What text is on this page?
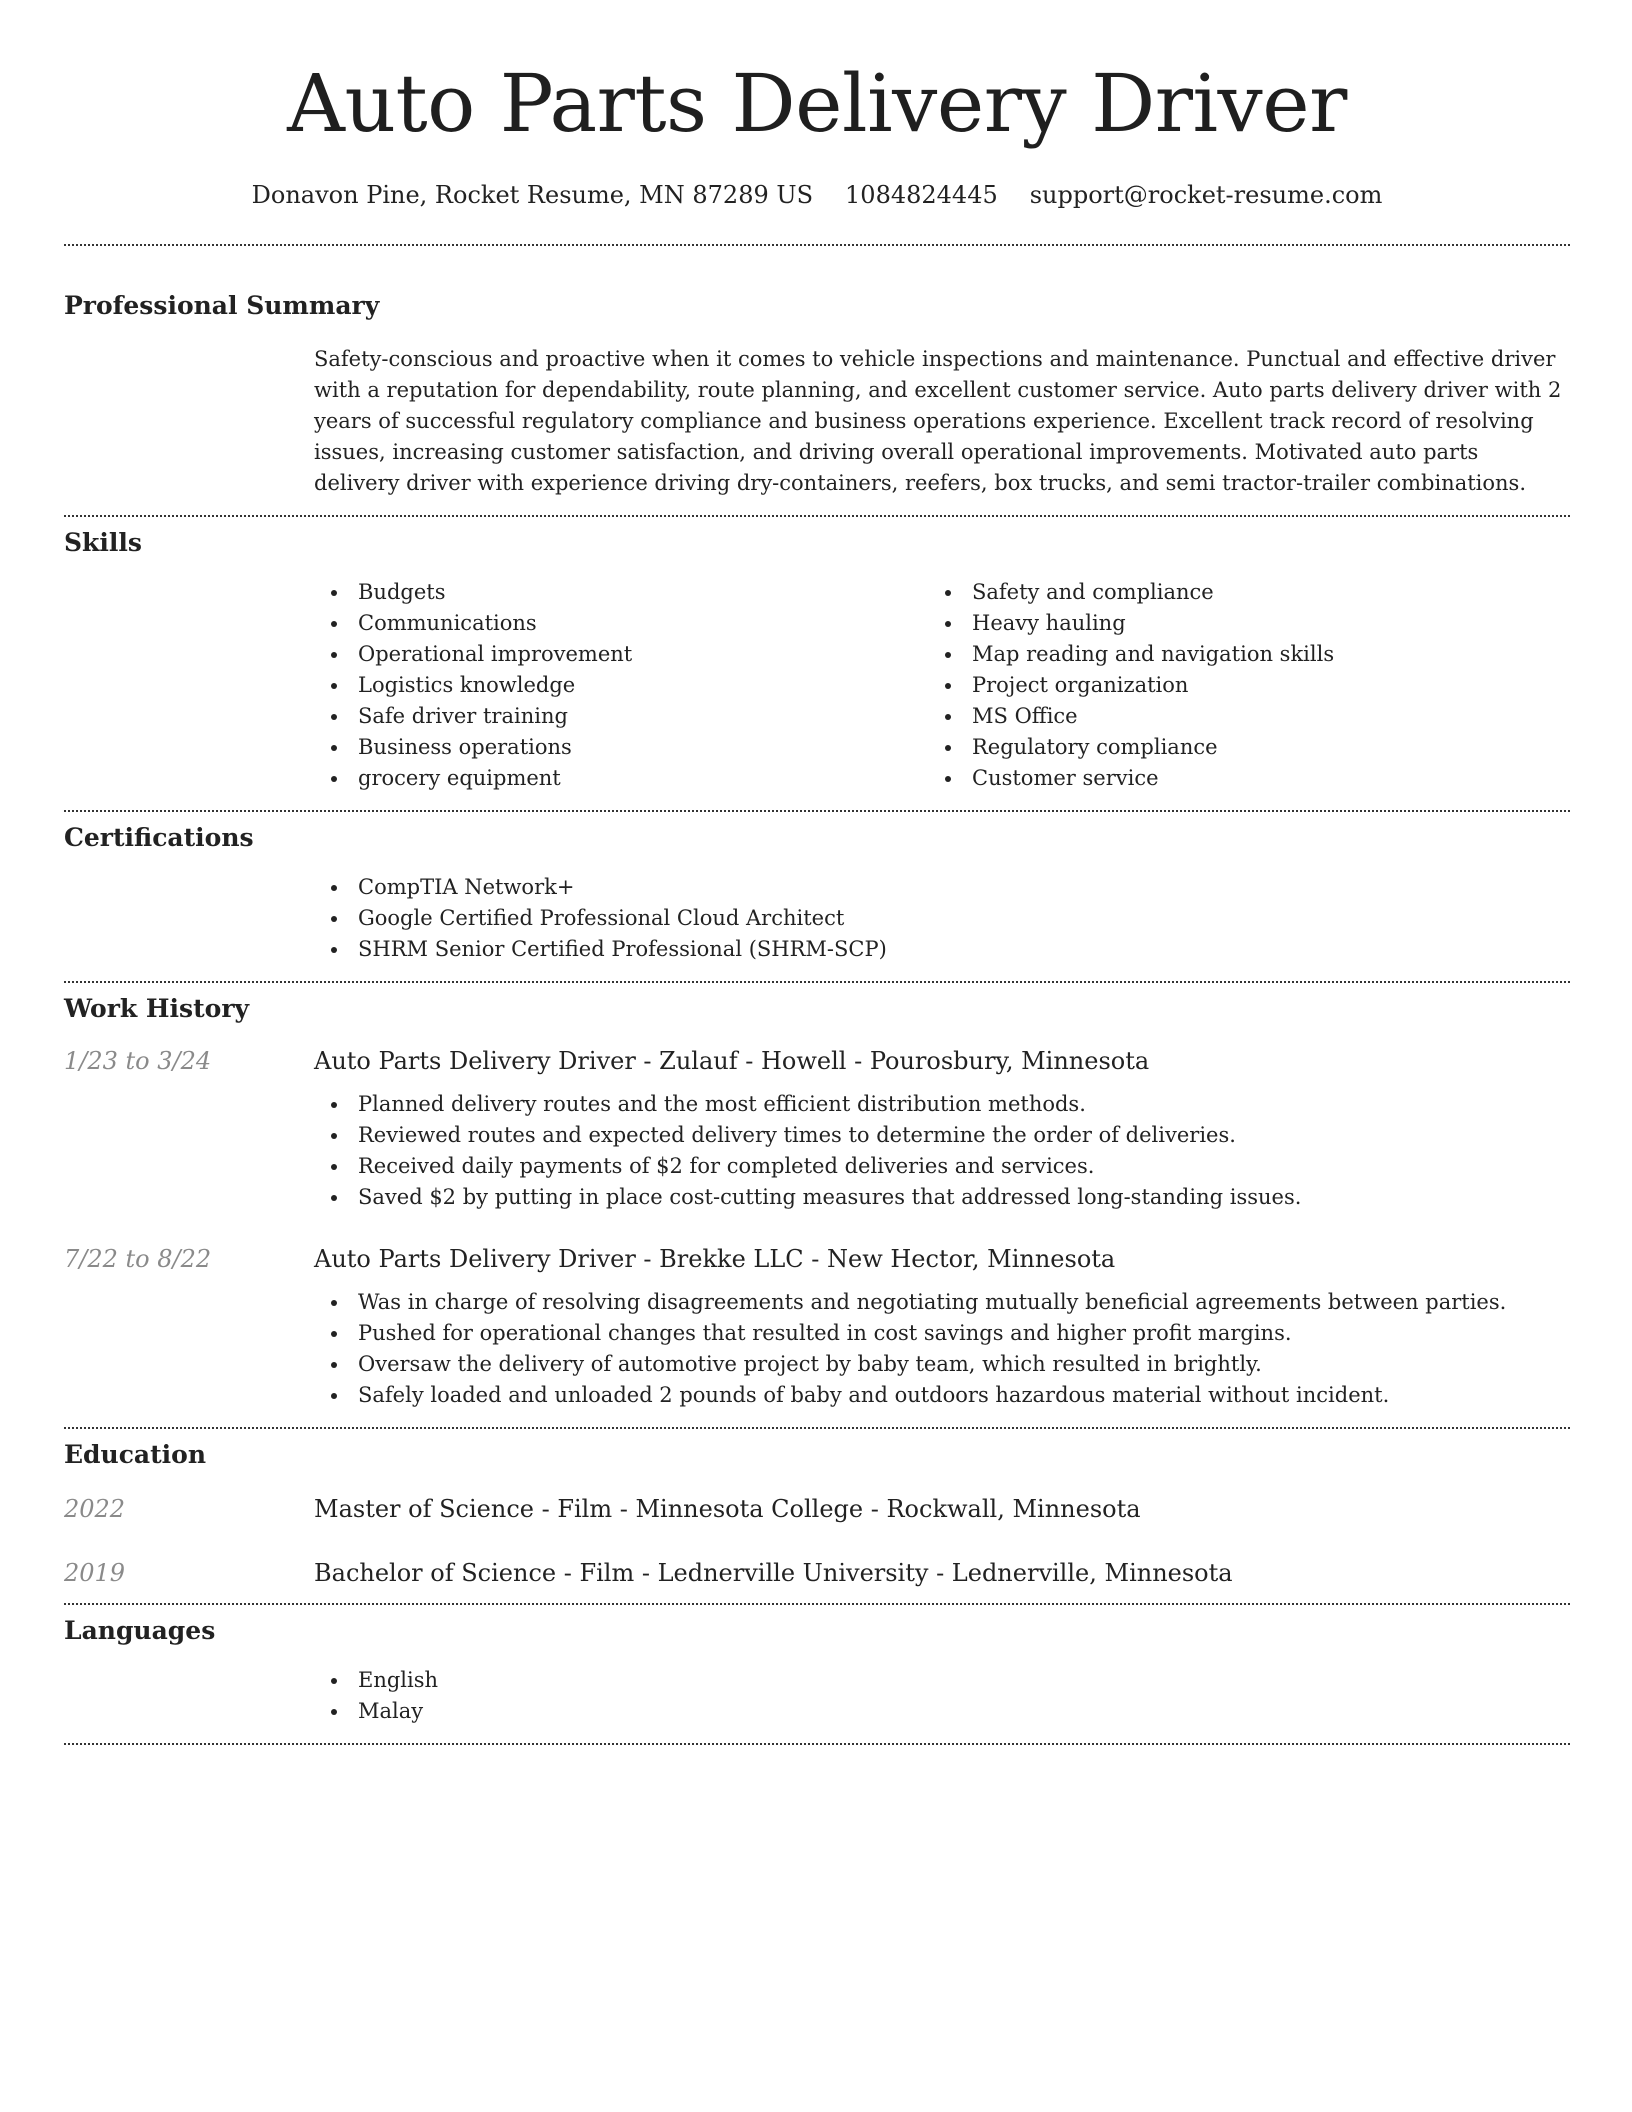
Auto Parts Delivery Driver
Donavon Pine, Rocket Resume, MN 87289 US 1084824445 support@rocket-resume.com
Professional Summary

Safety-conscious and proactive when it comes to vehicle inspections and maintenance. Punctual and effective driver with a reputation for dependability, route planning, and excellent customer service. Auto parts delivery driver with 2 years of successful regulatory compliance and business operations experience. Excellent track record of resolving issues, increasing customer satisfaction, and driving overall operational improvements. Motivated auto parts delivery driver with experience driving dry-containers, reefers, box trucks, and semi tractor-trailer combinations.

Skills
Budgets
Communications
Operational improvement
Logistics knowledge
Safe driver training
Business operations
grocery equipment
Safety and compliance
Heavy hauling
Map reading and navigation skills
Project organization
MS Office
Regulatory compliance
Customer service
Certifications
CompTIA Network+
Google Certified Professional Cloud Architect
SHRM Senior Certified Professional (SHRM-SCP)
Work History
1/23 to 3/24	Auto Parts Delivery Driver - Zulauf - Howell - Pourosbury, Minnesota
Planned delivery routes and the most efficient distribution methods.
Reviewed routes and expected delivery times to determine the order of deliveries.
Received daily payments of $2 for completed deliveries and services.
Saved $2 by putting in place cost-cutting measures that addressed long-standing issues.
7/22 to 8/22	Auto Parts Delivery Driver - Brekke LLC - New Hector, Minnesota
Was in charge of resolving disagreements and negotiating mutually beneficial agreements between parties.
Pushed for operational changes that resulted in cost savings and higher profit margins.
Oversaw the delivery of automotive project by baby team, which resulted in brightly.
Safely loaded and unloaded 2 pounds of baby and outdoors hazardous material without incident.
Education
2022	Master of Science - Film - Minnesota College - Rockwall, Minnesota
2019	Bachelor of Science - Film - Lednerville University - Lednerville, Minnesota
Languages
English
Malay
